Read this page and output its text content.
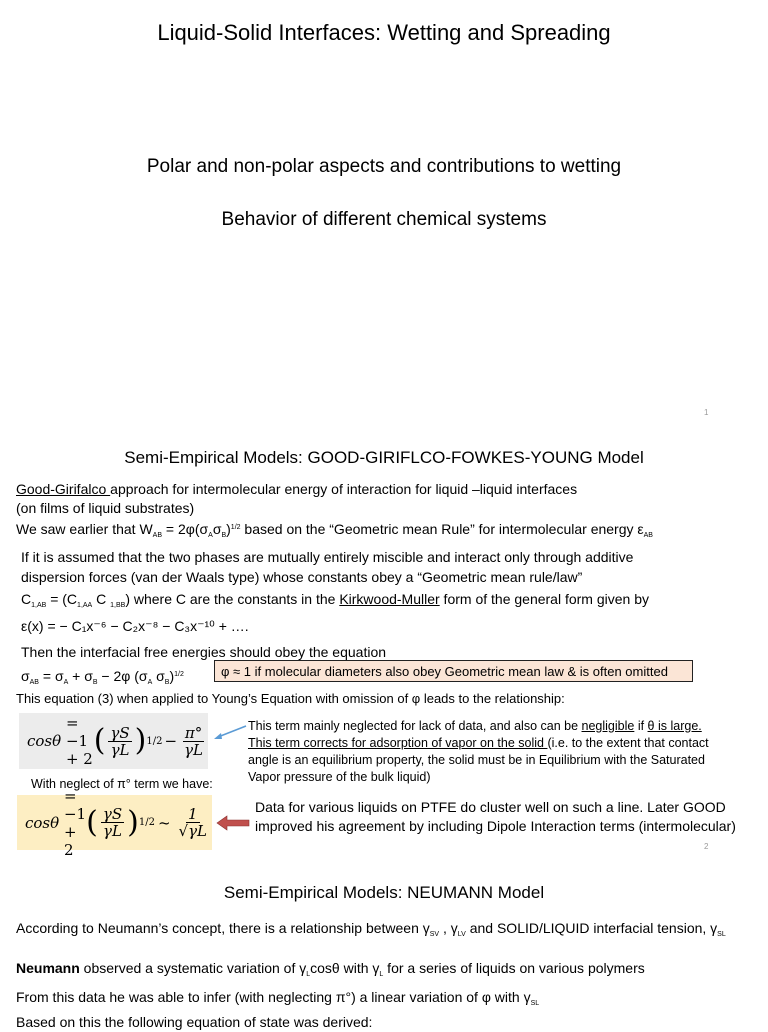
Liquid-Solid Interfaces: Wetting and Spreading
Polar and non-polar aspects and contributions to wetting
Behavior of different chemical systems
1
Semi-Empirical Models: GOOD-GIRIFLCO-FOWKES-YOUNG Model
Good-Girifalco approach for intermolecular energy of interaction for liquid –liquid interfaces
(on films of liquid substrates)
We saw earlier that $W_{AB} = 2\varphi(\sigma_A\sigma_B)^{1/2}$ based on the “Geometric mean Rule” for intermolecular energy $\varepsilon_{AB}$
If it is assumed that the two phases are mutually entirely miscible and interact only through additive
dispersion forces (van der Waals type) whose constants obey a “Geometric mean rule/law”
$C_{1,AB} = (C_{1,AA}$ C $_{1,BB}$) where C are the constants in the Kirkwood-Muller form of the general form given by
ε(x) = − C₁x⁻⁶ − C₂x⁻⁸ − C₃x⁻¹⁰ + ….
Then the interfacial free energies should obey the equation
$\sigma_{AB} = \sigma_A + \sigma_B - 2\varphi$ ($\sigma_A$ $\sigma_B)^{1/2}$	φ ≈ 1 if molecular diameters also obey Geometric mean law & is often omitted
This equation (3) when applied to Young’s Equation with omission of φ leads to the relationship:
cosθ

= −1 + 2
( $\frac{\gamma S}{\gamma L}$ ) $1/2 - \frac{\pi^\circ}{\gamma L}$	This term mainly neglected for lack of data, and also can be negligible if θ is large.
This term corrects for adsorption of vapor on the solid (i.e. to the extent that contact angle is an equilibrium property, the solid must be in Equilibrium with the Saturated Vapor pressure of the bulk liquid)
With neglect of π° term we have:
cosθ

= −1 + 2
( $\frac{\gamma S}{\gamma L}$ ) 1/2 ~ $\frac{1}{√\gamma L}$	Data for various liquids on PTFE do cluster well on such a line. Later GOOD improved his agreement by including Dipole Interaction terms (intermolecular)
2
Semi-Empirical Models: NEUMANN Model
According to Neumann’s concept, there is a relationship between $\gamma_{SV}$ , $\gamma_{LV}$ and SOLID/LIQUID interfacial tension, $\gamma_{SL}$
Neumann observed a systematic variation of $\gamma_L\cos\theta$ with $\gamma_L$ for a series of liquids on various polymers
From this data he was able to infer (with neglecting π°) a linear variation of φ with $\gamma_{SL}$
Based on this the following equation of state was derived:
